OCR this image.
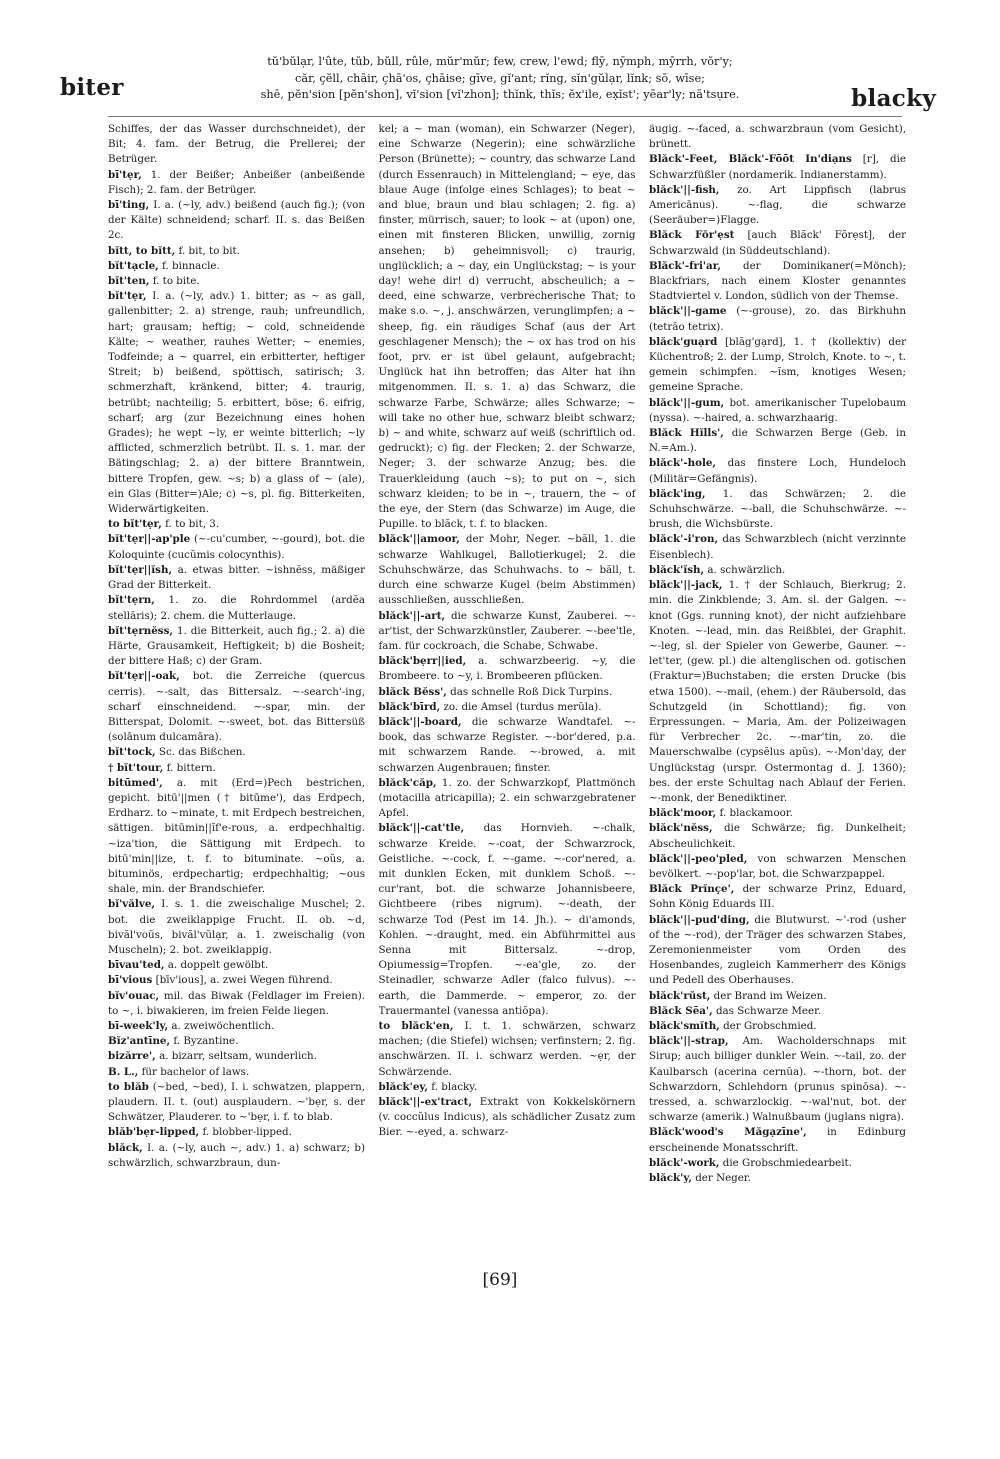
biter
tŭ'bŭlạr, l'ûte, tŭb, bŭll, rûle, mŭr'mŭr; few, crew, l'ewd; flȳ, nȳmph, mȳrrh, vŏr'y;
căr, çĕll, chāir, çhā'os, çhāise; gīve, gĭ'ant; rĭng, sĭn'gŭlạr, lĭnk; sō, wīse;
shē, pĕn'sion [pĕn'shon], vĭ'sion [vĭ'zhon]; thĭnk, thĭs; ĕx'ile, ex̣ĭst'; yēar'ly; nā'tsụre.	blacky

Schiffes, der das Wasser durchschneidet), der Bit; 4. fam. der Betrug, die Prellerei; der Betrüger.

bī'tẹr, 1. der Beißer; Anbeißer (anbeißende Fisch); 2. fam. der Betrüger.

bī'ting, I. a. (~ly, adv.) beißend (auch fig.); (von der Kälte) schneidend; scharf. II. s. das Beißen 2c.

bĭtt, to bĭtt, f. bit, to bit.

bĭt'tạcle, f. binnacle.

bĭt'ten, f. to bite.

bĭt'tẹr, I. a. (~ly, adv.) 1. bitter; as ~ as gall, gallenbitter; 2. a) strenge, rauh; unfreundlich, hart; grausam; heftig; ~ cold, schneidende Kälte; ~ weather, rauhes Wetter; ~ enemies, Todfeinde; a ~ quarrel, ein erbitterter, heftiger Streit; b) beißend, spöttisch, satirisch; 3. schmerzhaft, kränkend, bitter; 4. traurig, betrübt; nachteilig; 5. erbittert, böse; 6. eifrig, scharf; arg (zur Bezeichnung eines hohen Grades); he wept ~ly, er weinte bitterlich; ~ly afflicted, schmerzlich betrübt. II. s. 1. mar. der Bätingschlag; 2. a) der bittere Branntwein, bittere Tropfen, gew. ~s; b) a glass of ~ (ale), ein Glas (Bitter=)Ale; c) ~s, pl. fig. Bitterkeiten, Widerwärtigkeiten.

to bĭt'tẹr, f. to bit, 3.

bĭt'tẹr||-ap'ple (~-cu'cumber, ~-gourd), bot. die Koloquinte (cucŭmis colocynthis).

bĭt'tẹr||ĭsh, a. etwas bitter. ~ishnĕss, mäßiger Grad der Bitterkeit.

bĭt'tẹrn, 1. zo. die Rohrdommel (ardĕa stellāris); 2. chem. die Mutterlauge.

bĭt'tẹrnĕss, 1. die Bitterkeit, auch fig.; 2. a) die Härte, Grausamkeit, Heftigkeit; b) die Bosheit; der bittere Haß; c) der Gram.

bĭt'tẹr||-oak, bot. die Zerreiche (quercus cerris). ~-salt, das Bittersalz. ~-search'-ing, scharf einschneidend. ~-spar, min. der Bitterspat, Dolomit. ~-sweet, bot. das Bittersüß (solānum dulcamāra).

bĭt'tock, Sc. das Bißchen.

† bĭt'tour, f. bittern.

bitūmed', a. mit (Erd=)Pech bestrichen, gepicht. bitū'||men († bitūme'), das Erdpech, Erdharz. to ~minate, t. mit Erdpech bestreichen, sättigen. bitūmin||ĭf'e-rous, a. erdpechhaltig. ~iza'tion, die Sättigung mit Erdpech. to bitū'min||ize, t. f. to bituminate. ~oŭs, a. bituminös, erdpechartig; erdpechhaltig; ~ous shale, min. der Brandschiefer.

bĭ'vălve, I. s. 1. die zweischalige Muschel; 2. bot. die zweiklappige Frucht. II. ob. ~d, bivăl'voŭs, bivăl'vŭlạr, a. 1. zweischalig (von Muscheln); 2. bot. zweiklappig.

bīvau'ted, a. doppelt gewölbt.

bī'vious [bīv'ious], a. zwei Wegen führend.

bĭv'ouac, mil. das Biwak (Feldlager im Freien). to ~, i. biwakieren, im freien Felde liegen.

bī-week'ly, a. zweiwöchentlich.

Bĭz'antīne, f. Byzantine.

bizărre', a. bizarr, seltsam, wunderlich.

B. L., für bachelor of laws.

to blăb (~bed, ~bed), I. i. schwatzen, plappern, plaudern. II. t. (out) ausplaudern. ~'bẹr, s. der Schwätzer, Plauderer. to ~'bẹr, i. f. to blab.

blăb'bẹr-lipped, f. blobber-lipped.

blăck, I. a. (~ly, auch ~, adv.) 1. a) schwarz; b) schwärzlich, schwarzbraun, dun-

kel; a ~ man (woman), ein Schwarzer (Neger), eine Schwarze (Negerin); eine schwärzliche Person (Brünette); ~ country, das schwarze Land (durch Essenrauch) in Mittelengland; ~ eye, das blaue Auge (infolge eines Schlages); to beat ~ and blue, braun und blau schlagen; 2. fig. a) finster, mürrisch, sauer; to look ~ at (upon) one, einen mit finsteren Blicken, unwillig, zornig ansehen; b) geheimnisvoll; c) traurig, unglücklich; a ~ day, ein Unglückstag; ~ is your day! wehe dir! d) verrucht, abscheulich; a ~ deed, eine schwarze, verbrecherische That; to make s.o. ~, j. anschwärzen, verunglimpfen; a ~ sheep, fig. ein räudiges Schaf (aus der Art geschlagener Mensch); the ~ ox has trod on his foot, prv. er ist übel gelaunt, aufgebracht; Unglück hat ihn betroffen; das Alter hat ihn mitgenommen. II. s. 1. a) das Schwarz, die schwarze Farbe, Schwärze; alles Schwarze; ~ will take no other hue, schwarz bleibt schwarz; b) ~ and white, schwarz auf weiß (schriftlich od. gedruckt); c) fig. der Flecken; 2. der Schwarze, Neger; 3. der schwarze Anzug; bes. die Trauerkleidung (auch ~s); to put on ~, sich schwarz kleiden; to be in ~, trauern, the ~ of the eye, der Stern (das Schwarze) im Auge, die Pupille. to blăck, t. f. to blacken.

blăck'||amoor, der Mohr, Neger. ~băll, 1. die schwarze Wahlkugel, Ballotierkugel; 2. die Schuhschwärze, das Schuhwachs. to ~ băll, t. durch eine schwarze Kugel (beim Abstimmen) ausschließen, ausschließen.

blăck'||-art, die schwarze Kunst, Zauberei. ~-ar'tist, der Schwarzkünstler, Zauberer. ~-bee'tle, fam. für cockroach, die Schabe, Schwabe.

blăck'bẹrr||ied, a. schwarzbeerig. ~y, die Brombeere. to ~y, i. Brombeeren pflücken.

blăck Bĕss', das schnelle Roß Dick Turpins.

blăck'bīrd, zo. die Amsel (turdus merŭla).

blăck'||-board, die schwarze Wandtafel. ~-book, das schwarze Register. ~-bor'dered, p.a. mit schwarzem Rande. ~-browed, a. mit schwarzen Augenbrauen; finster.

blăck'căp, 1. zo. der Schwarzkopf, Plattmönch (motacilla atricapilla); 2. ein schwarzgebratener Apfel.

blăck'||-cat'tle, das Hornvieh. ~-chalk, schwarze Kreide. ~-coat, der Schwarzrock, Geistliche. ~-cock, f. ~-game. ~-cor'nered, a. mit dunklen Ecken, mit dunklem Schoß. ~-cur'rant, bot. die schwarze Johannisbeere, Gichtbeere (ribes nigrum). ~-death, der schwarze Tod (Pest im 14. Jh.). ~ di'amonds, Kohlen. ~-draught, med. ein Abführmittel aus Senna mit Bittersalz. ~-drop, Opiumessig=Tropfen. ~-ea'gle, zo. der Steinadler, schwarze Adler (falco fulvus). ~-earth, die Dammerde. ~ emperor, zo. der Trauermantel (vanessa antiŏpa).

to blăck'en, I. t. 1. schwärzen, schwarz machen; (die Stiefel) wichsen; verfinstern; 2. fig. anschwärzen. II. i. schwarz werden. ~ẹr, der Schwärzende.

blăck'ey, f. blacky.

blăck'||-ex'tract, Extrakt von Kokkelskörnern (v. coccŭlus Indicus), als schädlicher Zusatz zum Bier. ~-eyed, a. schwarz-

äugig. ~-faced, a. schwarzbraun (vom Gesicht), brünett.

Blăck'-Feet, Blăck'-Fōōt In'diạns [r], die Schwarzfüßler (nordamerik. Indianerstamm).

blăck'||-fish, zo. Art Lippfisch (labrus Americānus). ~-flag, die schwarze (Seeräuber=)Flagge.

Blăck Fŏr'ẹst [auch Blăck' Fŏrẹst], der Schwarzwald (in Süddeutschland).

Blăck'-fri'ar, der Dominikaner(=Mönch); Blackfriars, nach einem Kloster genanntes Stadtviertel v. London, südlich von der Themse.

blăck'||-game (~-grouse), zo. das Birkhuhn (tetrāo tetrix).

blăck'guạrd [blăg'gạrd], 1. † (kollektiv) der Küchentroß; 2. der Lump, Strolch, Knote. to ~, t. gemein schimpfen. ~ĭsm, knotiges Wesen; gemeine Sprache.

blăck'||-gum, bot. amerikanischer Tupelobaum (nyssa). ~-haired, a. schwarzhaarig.

Blăck Hĭlls', die Schwarzen Berge (Geb. in N.=Am.).

blăck'-hole, das finstere Loch, Hundeloch (Militär=Gefängnis).

blăck'ing, 1. das Schwärzen; 2. die Schuhschwärze. ~-ball, die Schuhschwärze. ~-brush, die Wichsbürste.

blăck'-i'ron, das Schwarzblech (nicht verzinnte Eisenblech).

blăck'ĭsh, a. schwärzlich.

blăck'||-jack, 1. † der Schlauch, Bierkrug; 2. min. die Zinkblende; 3. Am. sl. der Galgen. ~-knot (Ggs. running knot), der nicht aufziehbare Knoten. ~-lead, min. das Reißblei, der Graphit. ~-leg, sl. der Spieler von Gewerbe, Gauner. ~-let'ter, (gew. pl.) die altenglischen od. gotischen (Fraktur=)Buchstaben; die ersten Drucke (bis etwa 1500). ~-mail, (ehem.) der Räubersold, das Schutzgeld (in Schottland); fig. von Erpressungen. ~ Maria, Am. der Polizeiwagen für Verbrecher 2c. ~-mar'tin, zo. die Mauerschwalbe (cypsĕlus apŭs). ~-Mon'day, der Unglückstag (urspr. Ostermontag d. J. 1360); bes. der erste Schultag nach Ablauf der Ferien. ~-monk, der Benediktiner.

blăck'moor, f. blackamoor.

blăck'nĕss, die Schwärze; fig. Dunkelheit; Abscheulichkeit.

blăck'||-peo'pled, von schwarzen Menschen bevölkert. ~-pop'lar, bot. die Schwarzpappel.

Blăck Prĭnçe', der schwarze Prinz, Eduard, Sohn König Eduards III.

blăck'||-pud'ding, die Blutwurst. ~'-rod (usher of the ~-rod), der Träger des schwarzen Stabes, Zeremonienmeister vom Orden des Hosenbandes, zugleich Kammerherr des Königs und Pedell des Oberhauses.

blăck'rŭst, der Brand im Weizen.

Blăck Sēa', das Schwarze Meer.

blăck'smĭth, der Grobschmied.

blăck'||-strap, Am. Wacholderschnaps mit Sirup; auch billiger dunkler Wein. ~-tail, zo. der Kaulbarsch (acerina cernŭa). ~-thorn, bot. der Schwarzdorn, Schlehdorn (prunus spinōsa). ~-tressed, a. schwarzlockig. ~-wal'nut, bot. der schwarze (amerik.) Walnußbaum (juglans nigra).

Blăck'wood's Măgạzīne', in Edinburg erscheinende Monatsschrift.

blăck'-work, die Grobschmiedearbeit.

blăck'y, der Neger.

[69]
